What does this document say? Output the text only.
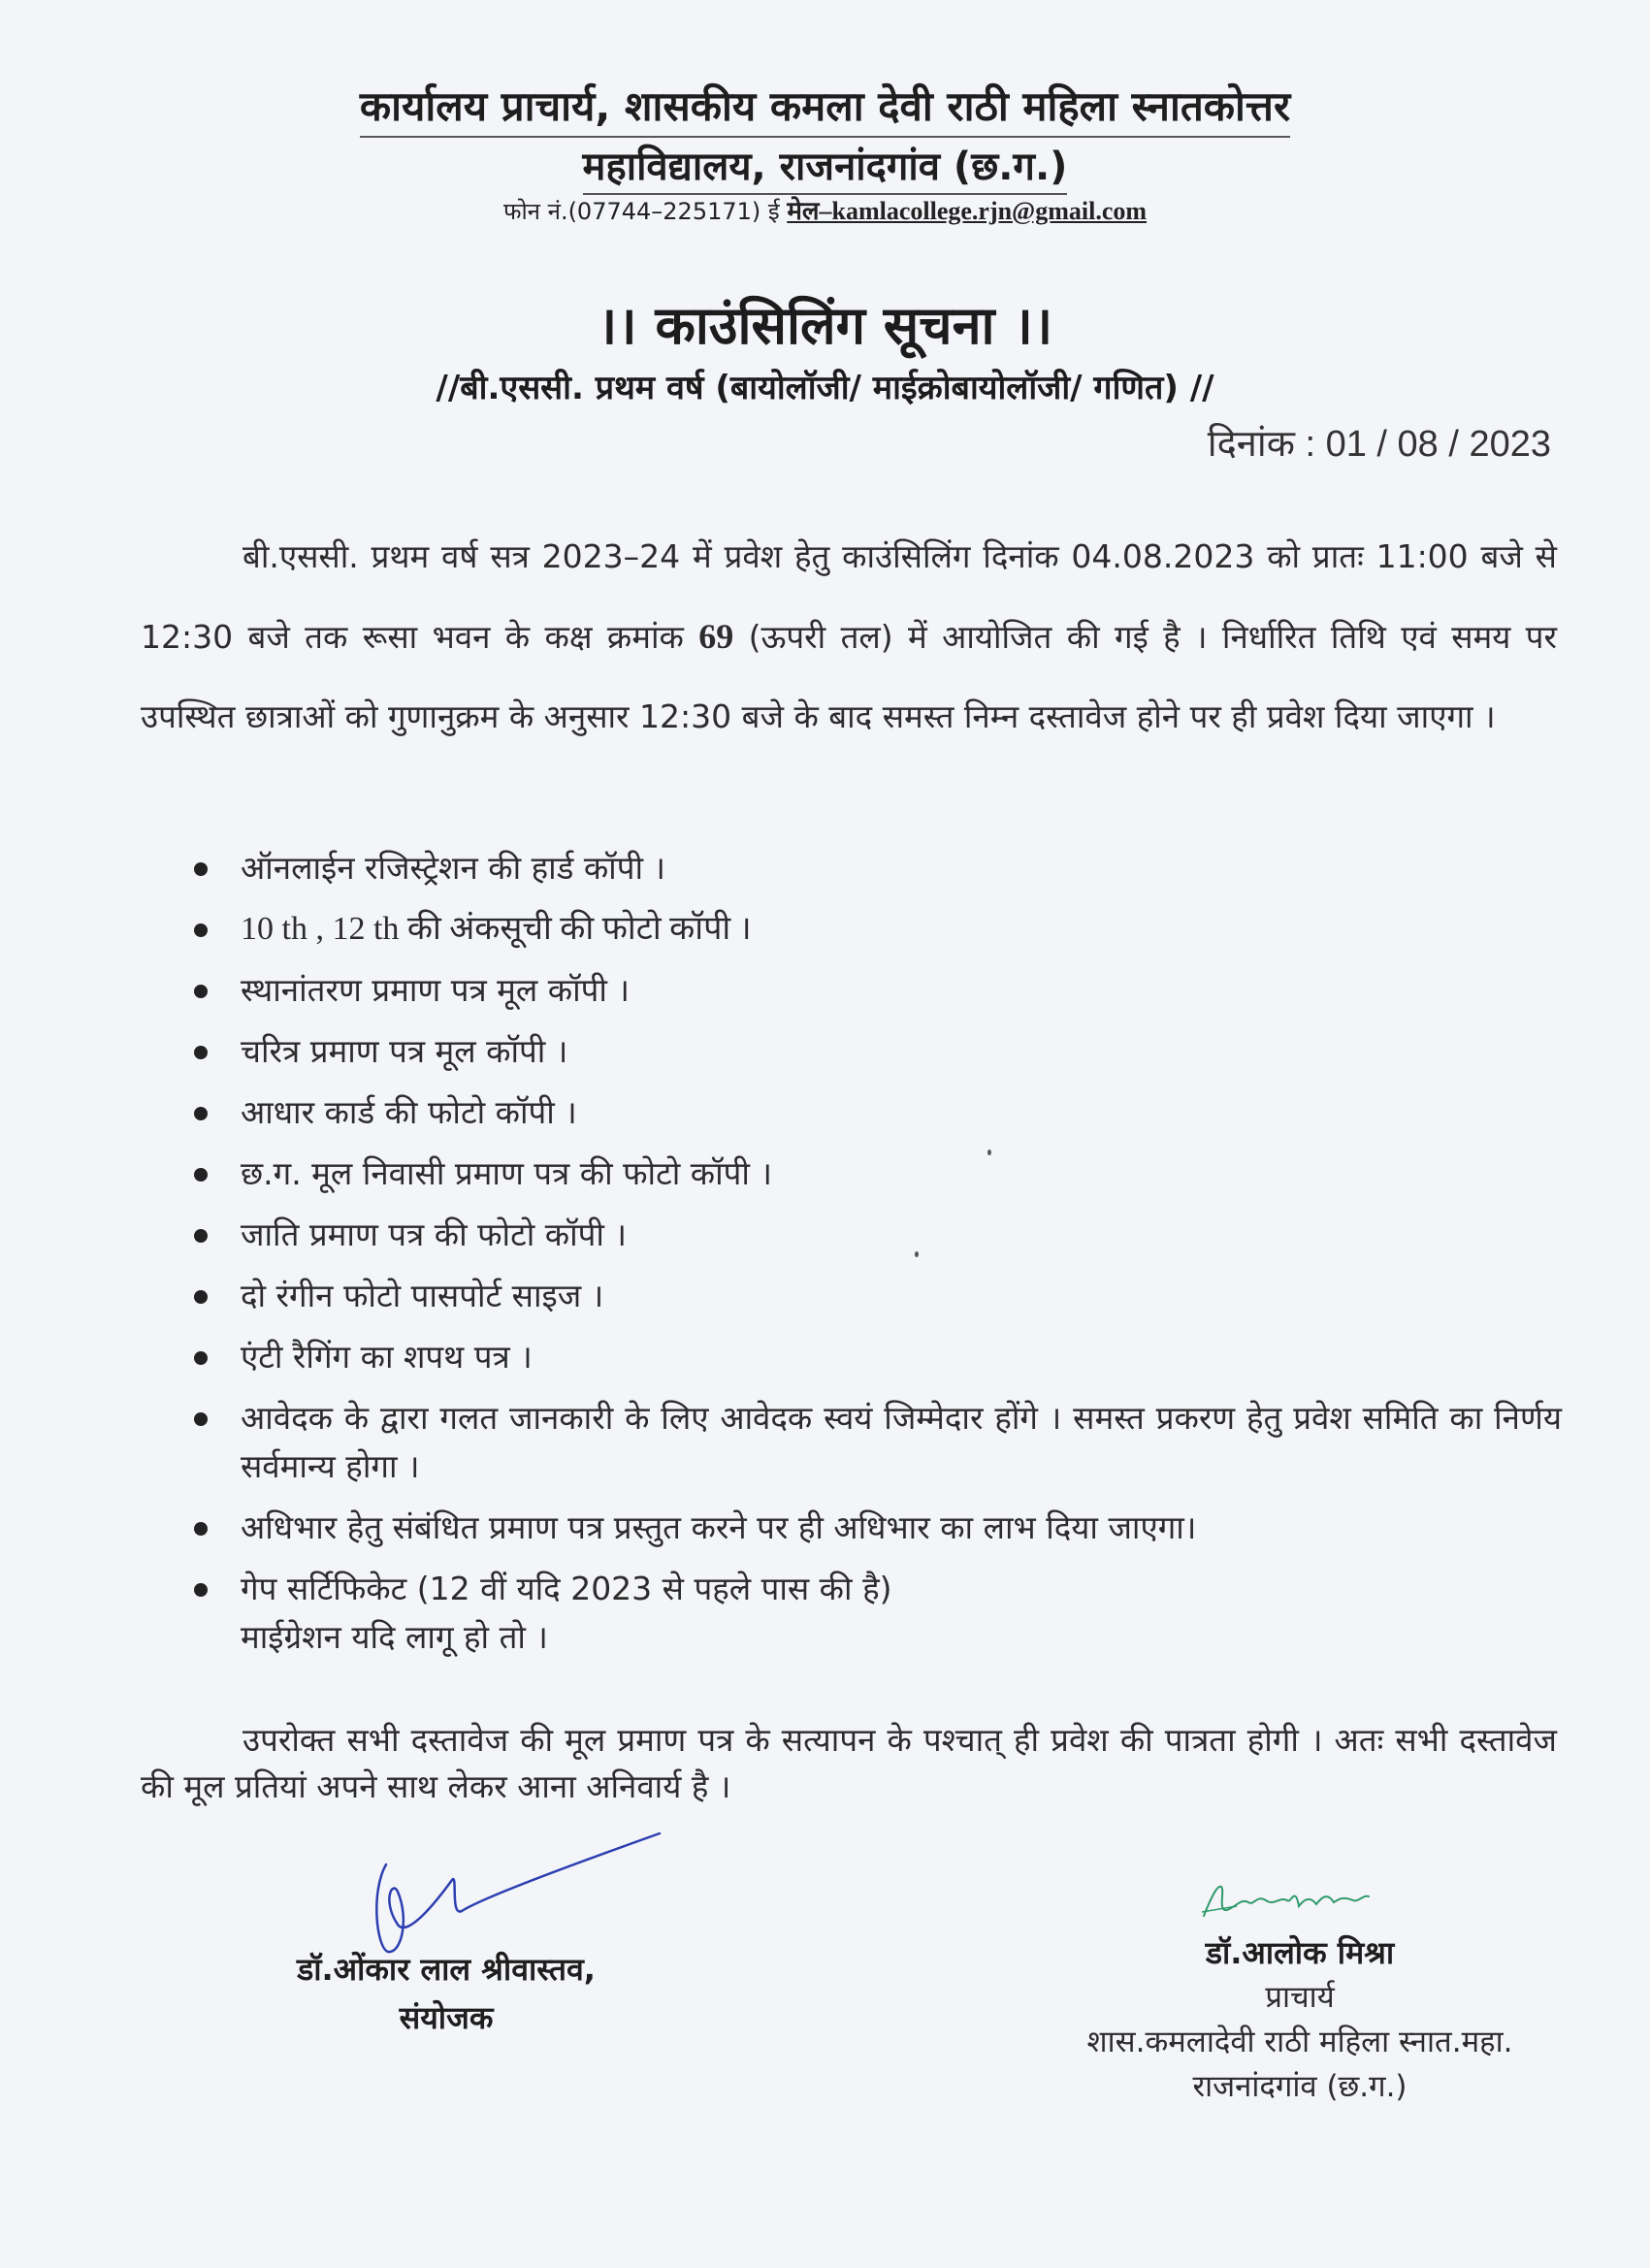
कार्यालय प्राचार्य, शासकीय कमला देवी राठी महिला स्नातकोत्तर
महाविद्यालय, राजनांदगांव (छ.ग.)
फोन नं.(07744–225171) ई मेल–kamlacollege.rjn@gmail.com
।। काउंसिलिंग सूचना ।।
//बी.एससी. प्रथम वर्ष (बायोलॉजी/ माईक्रोबायोलॉजी/ गणित) //
दिनांक : 01 / 08 / 2023
बी.एससी. प्रथम वर्ष सत्र 2023–24 में प्रवेश हेतु काउंसिलिंग दिनांक 04.08.2023 को प्रातः 11:00 बजे से 12:30 बजे तक रूसा भवन के कक्ष क्रमांक 69 (ऊपरी तल) में आयोजित की गई है । निर्धारित तिथि एवं समय पर उपस्थित छात्राओं को गुणानुक्रम के अनुसार 12:30 बजे के बाद समस्त निम्न दस्तावेज होने पर ही प्रवेश दिया जाएगा ।
ऑनलाईन रजिस्ट्रेशन की हार्ड कॉपी ।
10 th , 12 th की अंकसूची की फोटो कॉपी ।
स्थानांतरण प्रमाण पत्र मूल कॉपी ।
चरित्र प्रमाण पत्र मूल कॉपी ।
आधार कार्ड की फोटो कॉपी ।
छ.ग. मूल निवासी प्रमाण पत्र की फोटो कॉपी ।
जाति प्रमाण पत्र की फोटो कॉपी ।
दो रंगीन फोटो पासपोर्ट साइज ।
एंटी रैगिंग का शपथ पत्र ।
आवेदक के द्वारा गलत जानकारी के लिए आवेदक स्वयं जिम्मेदार होंगे । समस्त प्रकरण हेतु प्रवेश समिति का निर्णय सर्वमान्य होगा ।
अधिभार हेतु संबंधित प्रमाण पत्र प्रस्तुत करने पर ही अधिभार का लाभ दिया जाएगा।
गेप सर्टिफिकेट (12 वीं यदि 2023 से पहले पास की है)
माईग्रेशन यदि लागू हो तो ।
उपरोक्त सभी दस्तावेज की मूल प्रमाण पत्र के सत्यापन के पश्चात् ही प्रवेश की पात्रता होगी । अतः सभी दस्तावेज की मूल प्रतियां अपने साथ लेकर आना अनिवार्य है ।
डॉ.ओंकार लाल श्रीवास्तव,
संयोजक
डॉ.आलोक मिश्रा
प्राचार्य
शास.कमलादेवी राठी महिला स्नात.महा.
राजनांदगांव (छ.ग.)
